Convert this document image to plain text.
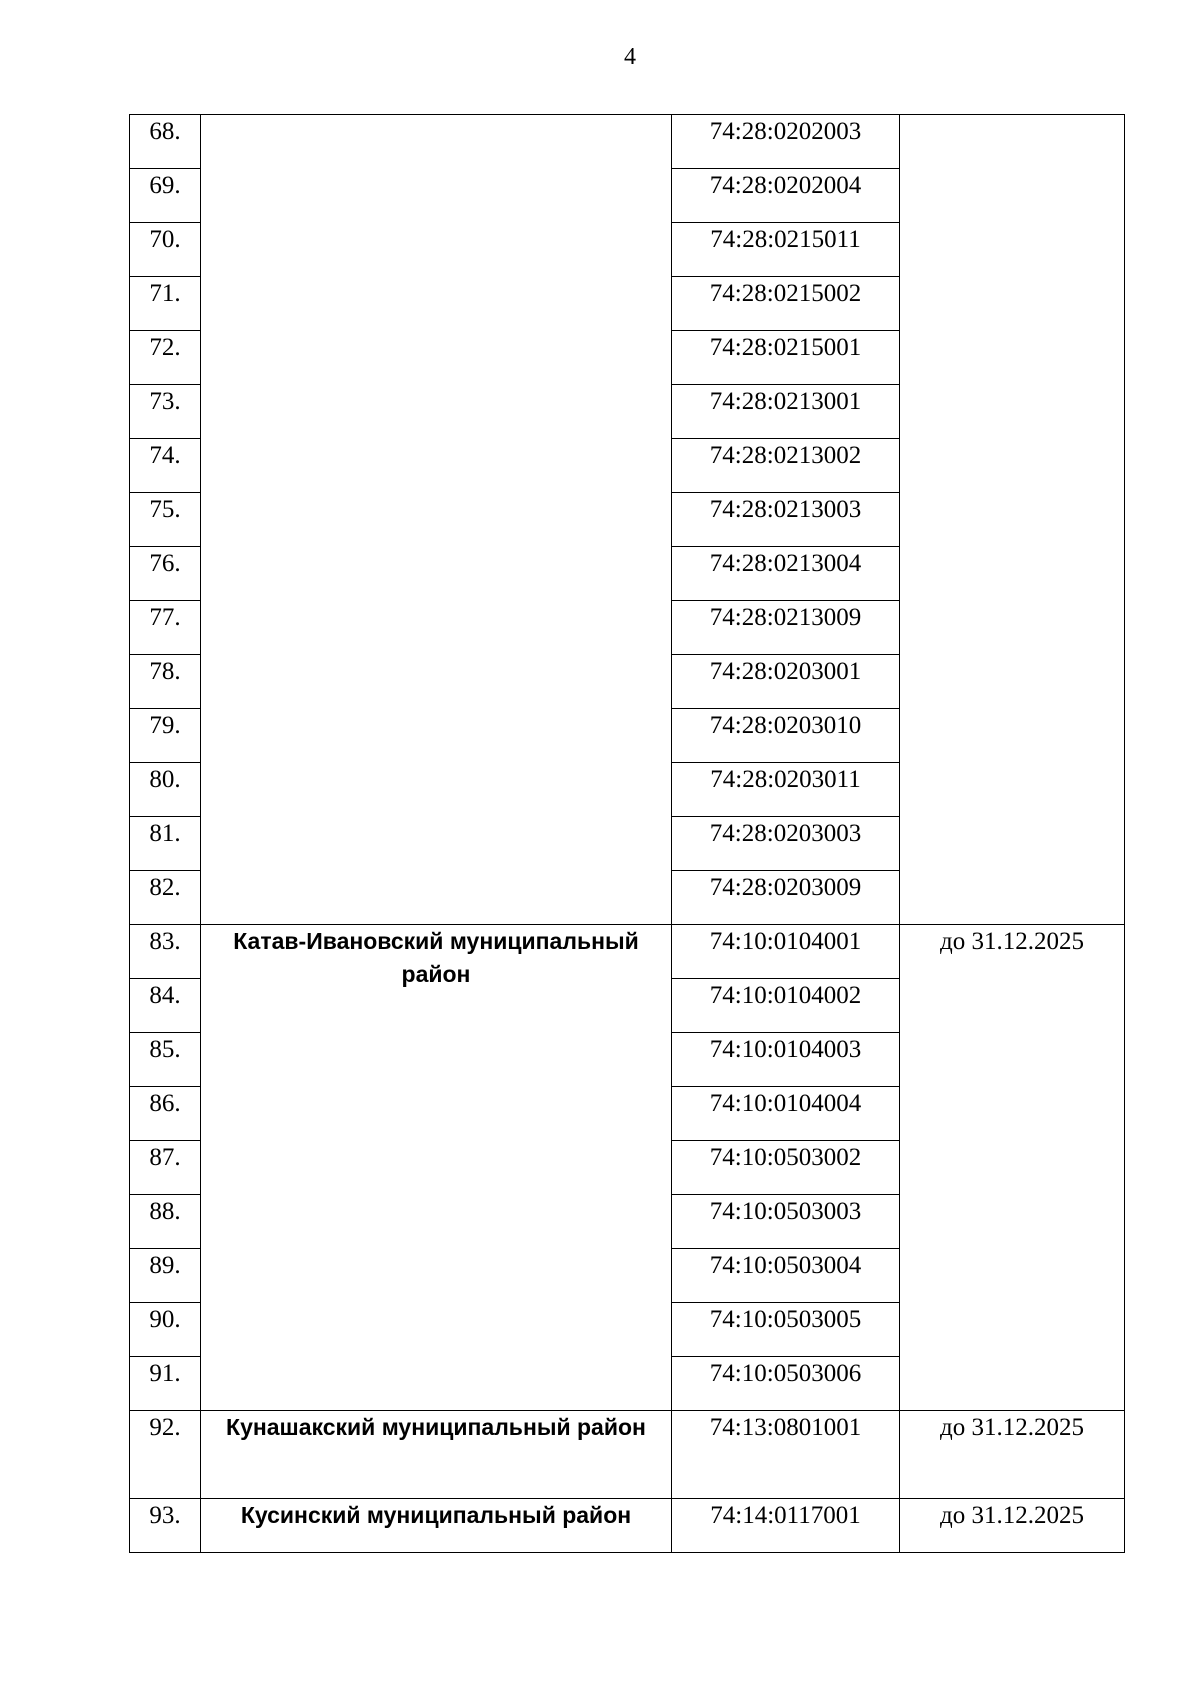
4
68.		74:28:0202003	
69.		74:28:0202004	
70.		74:28:0215011	
71.		74:28:0215002	
72.		74:28:0215001	
73.		74:28:0213001	
74.		74:28:0213002	
75.		74:28:0213003	
76.		74:28:0213004	
77.		74:28:0213009	
78.		74:28:0203001	
79.		74:28:0203010	
80.		74:28:0203011	
81.		74:28:0203003	
82.		74:28:0203009	
83.	Катав-Ивановский муниципальный район	74:10:0104001	до 31.12.2025
84.		74:10:0104002	
85.		74:10:0104003	
86.		74:10:0104004	
87.		74:10:0503002	
88.		74:10:0503003	
89.		74:10:0503004	
90.		74:10:0503005	
91.		74:10:0503006	
92.	Кунашакский муниципальный район	74:13:0801001	до 31.12.2025
93.	Кусинский муниципальный район	74:14:0117001	до 31.12.2025
